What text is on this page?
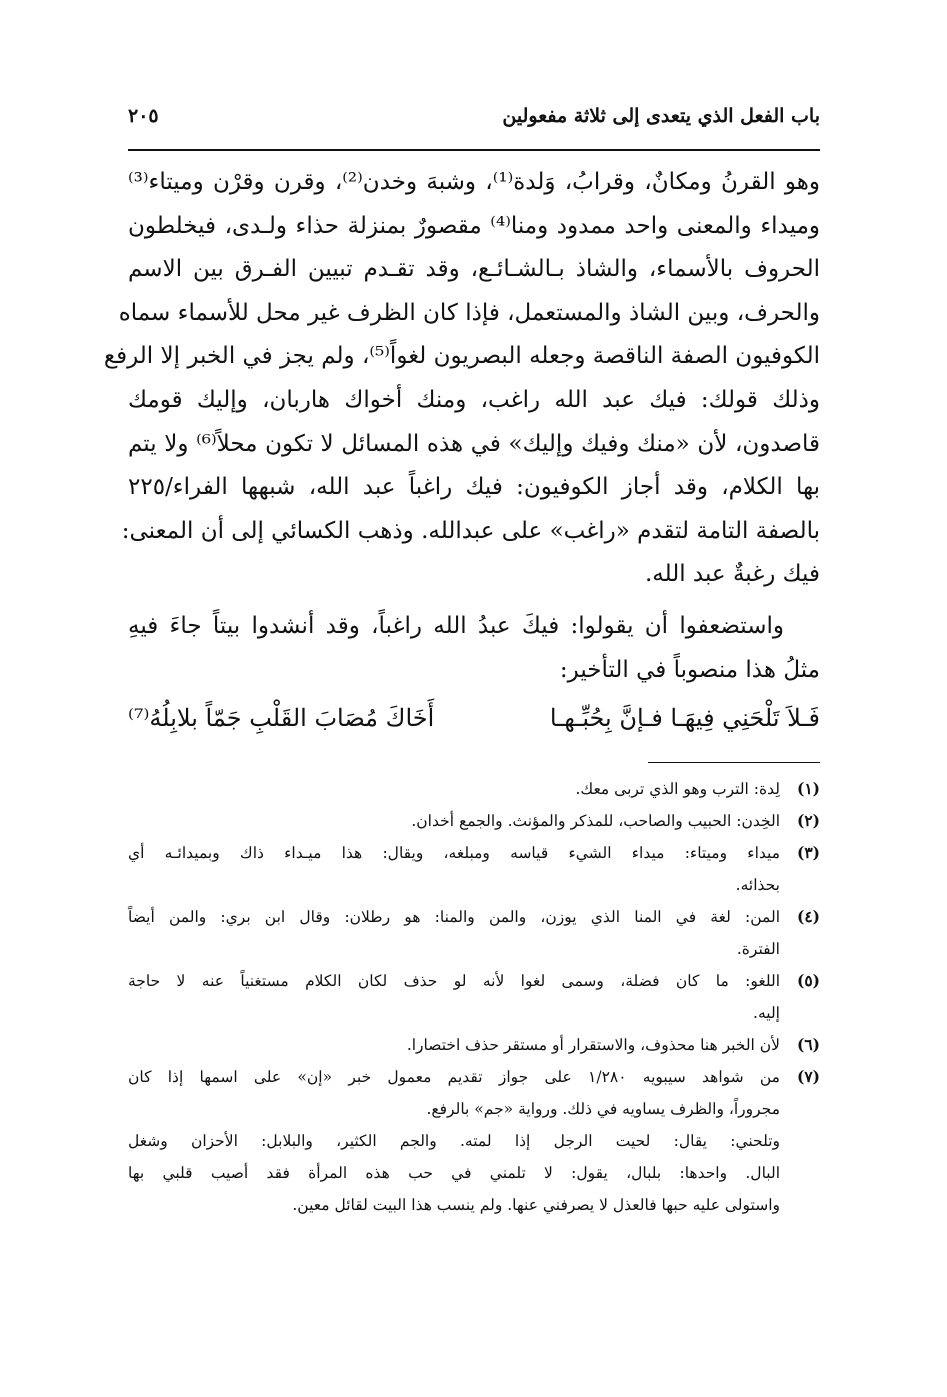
باب الفعل الذي يتعدى إلى ثلاثة مفعولين
٢٠٥
وهو القرنُ ومكانٌ، وقرابُ، وَلدة⁽¹⁾، وشبهَ وخدن⁽²⁾، وقرن وقرْن وميتاء⁽³⁾
وميداء والمعنى واحد ممدود ومنا⁽⁴⁾ مقصورٌ بمنزلة حذاء ولـدى، فيخلطون
الحروف بالأسماء، والشاذ بـالشـائـع، وقد تقـدم تبيين الفـرق بين الاسم
والحرف، وبين الشاذ والمستعمل، فإذا كان الظرف غير محل للأسماء سماه
الكوفيون الصفة الناقصة وجعله البصريون لغواً⁽⁵⁾، ولم يجز في الخبر إلا الرفع
وذلك قولك: فيك عبد الله راغب، ومنك أخواك هاربان، وإليك قومك
قاصدون، لأن «منك وفيك وإليك» في هذه المسائل لا تكون محلاً⁽⁶⁾ ولا يتم
بها الكلام، وقد أجاز الكوفيون: فيك راغباً عبد الله، شبهها الفراء/٢٢٥
بالصفة التامة لتقدم «راغب» على عبدالله. وذهب الكسائي إلى أن المعنى:
فيك رغبةٌ عبد الله.
واستضعفوا أن يقولوا: فيكَ عبدُ الله راغباً، وقد أنشدوا بيتاً جاءَ فيهِ
مثلُ هذا منصوباً في التأخير:
فَـلاَ تَلْحَنِي فِيهَـا فـإنَّ بِحُبِّـهـا
أَخَاكَ مُصَابَ القَلْبِ جَمّاً بلابِلُهُ⁽⁷⁾
(١)
لِدة: الترب وهو الذي تربى معك.
(٢)
الخِدن: الحبيب والصاحب، للمذكر والمؤنث. والجمع أخدان.
(٣)
ميداء وميتاء: ميداء الشيء قياسه ومبلغه، ويقال: هذا ميـداء ذاك وبميدائـه أي
بحذائه.
(٤)
المن: لغة في المنا الذي يوزن، والمن والمنا: هو رطلان: وقال ابن بري: والمن أيضاً
الفترة.
(٥)
اللغو: ما كان فضلة، وسمى لغوا لأنه لو حذف لكان الكلام مستغنياً عنه لا حاجة
إليه.
(٦)
لأن الخبر هنا محذوف، والاستقرار أو مستقر حذف اختصارا.
(٧)
من شواهد سيبويه ١/٢٨٠ على جواز تقديم معمول خبر «إن» على اسمها إذا كان
مجروراً، والظرف يساويه في ذلك. ورواية «جم» بالرفع.
وتلحني: يقال: لحيت الرجل إذا لمته. والجم الكثير، والبلابل: الأحزان وشغل
البال. واحدها: بلبال، يقول: لا تلمني في حب هذه المرأة فقد أصيب قلبي بها
واستولى عليه حبها فالعذل لا يصرفني عنها. ولم ينسب هذا البيت لقائل معين.
